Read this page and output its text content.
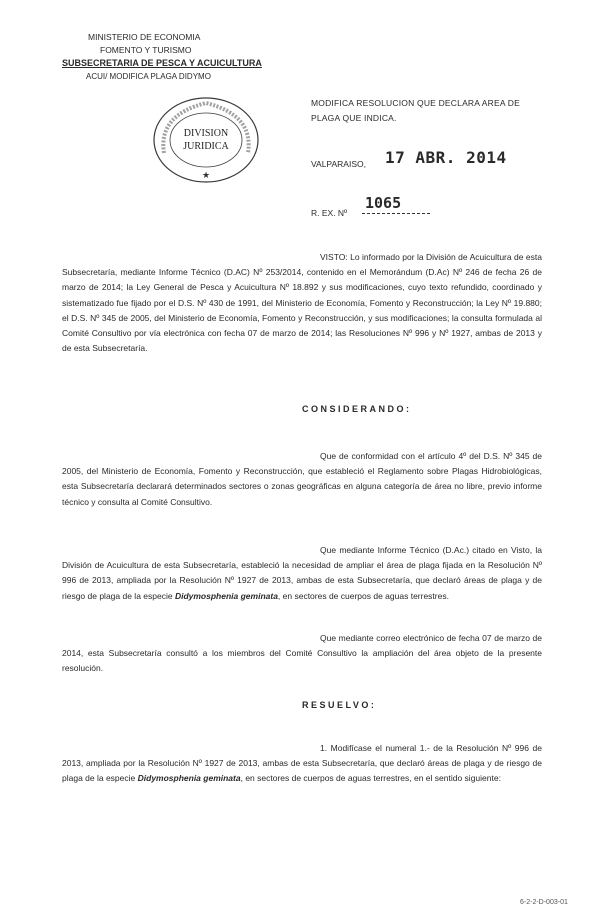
MINISTERIO DE ECONOMIA
FOMENTO Y TURISMO
SUBSECRETARIA DE PESCA Y ACUICULTURA
ACUI/ MODIFICA PLAGA DIDYMO
DIVISION
JURIDICA
★
MODIFICA RESOLUCION QUE DECLARA AREA DE PLAGA QUE INDICA.
VALPARAISO, 17 ABR. 2014
R. EX. Nº
1065

VISTO: Lo informado por la División de Acuicultura de esta Subsecretaría, mediante Informe Técnico (D.AC) Nº 253/2014, contenido en el Memorándum (D.Ac) Nº 246 de fecha 26 de marzo de 2014; la Ley General de Pesca y Acuicultura Nº 18.892 y sus modificaciones, cuyo texto refundido, coordinado y sistematizado fue fijado por el D.S. Nº 430 de 1991, del Ministerio de Economía, Fomento y Reconstrucción; la Ley Nº 19.880; el D.S. Nº 345 de 2005, del Ministerio de Economía, Fomento y Reconstrucción, y sus modificaciones; la consulta formulada al Comité Consultivo por vía electrónica con fecha 07 de marzo de 2014; las Resoluciones Nº 996 y Nº 1927, ambas de 2013 y de esta Subsecretaría.

CONSIDERANDO:

Que de conformidad con el artículo 4º del D.S. Nº 345 de 2005, del Ministerio de Economía, Fomento y Reconstrucción, que estableció el Reglamento sobre Plagas Hidrobiológicas, esta Subsecretaría declarará determinados sectores o zonas geográficas en alguna categoría de área no libre, previo informe técnico y consulta al Comité Consultivo.

Que mediante Informe Técnico (D.Ac.) citado en Visto, la División de Acuicultura de esta Subsecretaría, estableció la necesidad de ampliar el área de plaga fijada en la Resolución Nº 996 de 2013, ampliada por la Resolución Nº 1927 de 2013, ambas de esta Subsecretaría, que declaró áreas de plaga y de riesgo de plaga de la especie Didymosphenia geminata, en sectores de cuerpos de aguas terrestres.

Que mediante correo electrónico de fecha 07 de marzo de 2014, esta Subsecretaría consultó a los miembros del Comité Consultivo la ampliación del área objeto de la presente resolución.

RESUELVO:

1. Modifícase el numeral 1.- de la Resolución Nº 996 de 2013, ampliada por la Resolución Nº 1927 de 2013, ambas de esta Subsecretaría, que declaró áreas de plaga y de riesgo de plaga de la especie Didymosphenia geminata, en sectores de cuerpos de aguas terrestres, en el sentido siguiente:

6-2-2-D-003-01
